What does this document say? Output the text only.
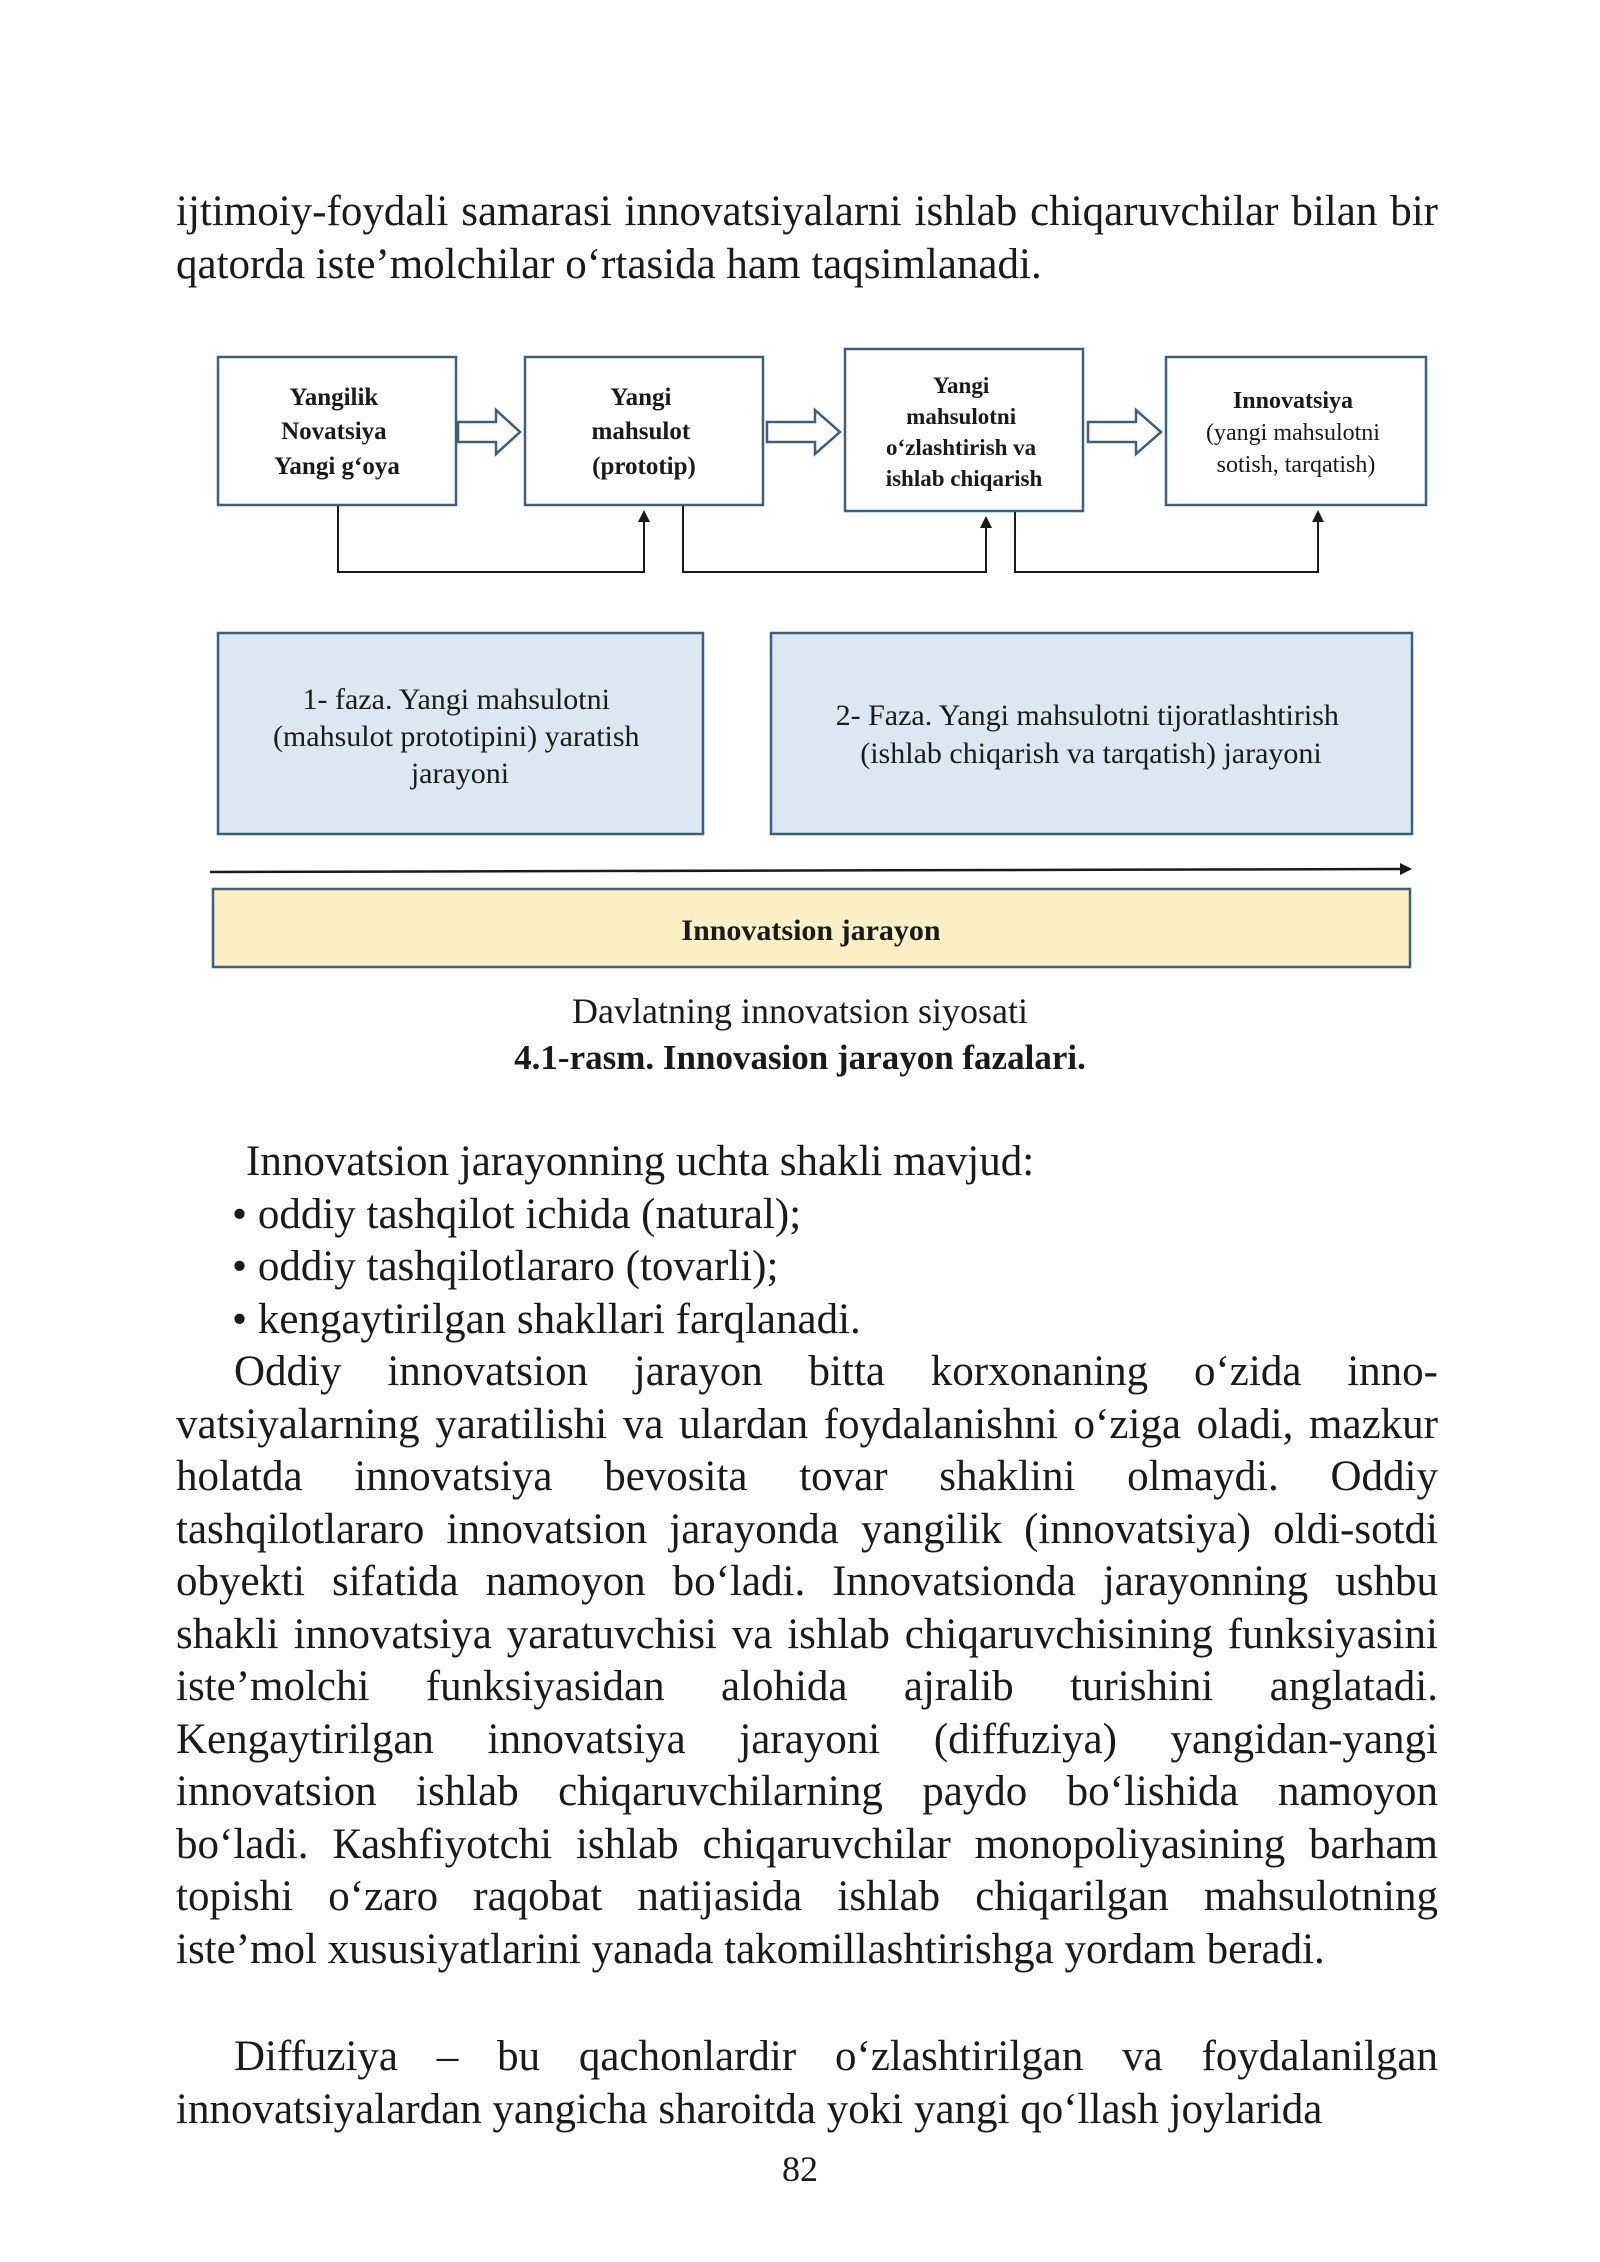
ijtimoiy-foydali samarasi innovatsiyalarni ishlab chiqaruvchilar bilan bir qatorda iste’molchilar o‘rtasida ham taqsimlanadi.

Yangilik Novatsiya Yangi g‘oya
Yangi mahsulot (prototip)
Yangi mahsulotni o‘zlashtirish va ishlab chiqarish
Innovatsiya (yangi mahsulotni sotish, tarqatish)
1- faza. Yangi mahsulotni (mahsulot prototipini) yaratish jarayoni
2- Faza. Yangi mahsulotni tijoratlashtirish (ishlab chiqarish va tarqatish) jarayoni
Innovatsion jarayon
Davlatning innovatsion siyosati
4.1-rasm. Innovasion jarayon fazalari.
Innovatsion jarayonning uchta shakli mavjud:
• oddiy tashqilot ichida (natural);
• oddiy tashqilotlararo (tovarli);
• kengaytirilgan shakllari farqlanadi.

Oddiy innovatsion jarayon bitta korxonaning o‘zida innovatsiyalarning yaratilishi va ulardan foydalanishni o‘ziga oladi, mazkur holatda innovatsiya bevosita tovar shaklini olmaydi. Oddiy tashqilotlararo innovatsion jarayonda yangilik (innovatsiya) oldi-sotdi obyekti sifatida namoyon bo‘ladi. Innovatsionda jarayonning ushbu shakli innovatsiya yaratuvchisi va ishlab chiqaruvchisining funksiyasini iste’molchi funksiyasidan alohida ajralib turishini anglatadi. Kengaytirilgan innovatsiya jarayoni (diffuziya) yangidan-yangi innovatsion ishlab chiqaruvchilarning paydo bo‘lishida namoyon bo‘ladi. Кashfiyotchi ishlab chiqaruvchilar monopoliyasining barham topishi o‘zaro raqobat natijasida ishlab chiqarilgan mahsulotning iste’mol xususiyatlarini yanada takomillashtirishga yordam beradi.

Diffuziya – bu qachonlardir o‘zlashtirilgan va foydalanilgan innovatsiyalardan yangicha sharoitda yoki yangi qo‘llash joylarida

82
